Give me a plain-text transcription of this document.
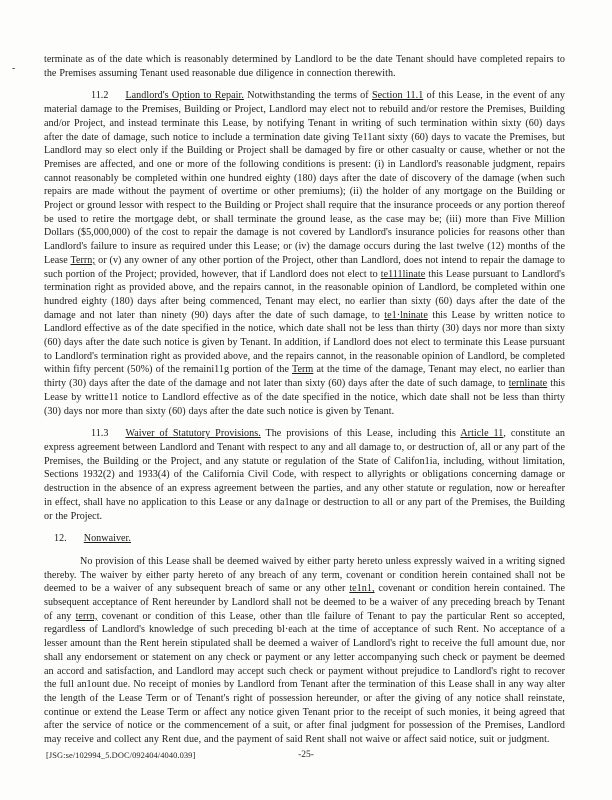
-

terminate as of the date which is reasonably determined by Landlord to be the date Tenant should have completed repairs to the Premises assuming Tenant used reasonable due diligence in connection therewith.

11.2 Landlord's Option to Repair. Notwithstanding the terms of Section 11.1 of this Lease, in the event of any material damage to the Premises, Building or Project, Landlord may elect not to rebuild and/or restore the Premises, Building and/or Project, and instead terminate this Lease, by notifying Tenant in writing of such termination within sixty (60) days after the date of damage, such notice to include a termination date giving Te11ant sixty (60) days to vacate the Premises, but Landlord may so elect only if the Building or Project shall be damaged by fire or other casualty or cause, whether or not the Premises are affected, and one or more of the following conditions is present: (i) in Landlord's reasonable judgment, repairs cannot reasonably be completed within one hundred eighty (180) days after the date of discovery of the damage (when such repairs are made without the payment of overtime or other premiums); (ii) the holder of any mortgage on the Building or Project or ground lessor with respect to the Building or Project shall require that the insurance proceeds or any portion thereof be used to retire the mortgage debt, or shall terminate the ground lease, as the case may be; (iii) more than Five Million Dollars ($5,000,000) of the cost to repair the damage is not covered by Landlord's insurance policies for reasons other than Landlord's failure to insure as required under this Lease; or (iv) the damage occurs during the last twelve (12) months of the Lease Terrn; or (v) any owner of any other portion of the Project, other than Landlord, does not intend to repair the damage to such portion of the Project; provided, however, that if Landlord does not elect to te111linate this Lease pursuant to Landlord's termination right as provided above, and the repairs cannot, in the reasonable opinion of Landlord, be completed within one hundred eighty (180) days after being commenced, Tenant may elect, no earlier than sixty (60) days after the date of the damage and not later than ninety (90) days after the date of such damage, to te1·lninate this Lease by written notice to Landlord effective as of the date specified in the notice, which date shall not be less than thirty (30) days nor more than sixty (60) days after the date such notice is given by Tenant. In addition, if Landlord does not elect to terminate this Lease pursuant to Landlord's termination right as provided above, and the repairs cannot, in the reasonable opinion of Landlord, be completed within fifty percent (50%) of the remaini11g portion of the Term at the time of the damage, Tenant may elect, no earlier than thirty (30) days after the date of the damage and not later than sixty (60) days after the date of such damage, to ternlinate this Lease by writte11 notice to Landlord effective as of the date specified in the notice, which date shall not be less than thirty (30) days nor more than sixty (60) days after the date such notice is given by Tenant.

11.3 Waiver of Statutory Provisions. The provisions of this Lease, including this Article 11, constitute an express agreement between Landlord and Tenant with respect to any and all damage to, or destruction of, all or any part of the Premises, the Building or the Project, and any statute or regulation of the State of Califon1ia, including, without limitation, Sections 1932(2) and 1933(4) of the California Civil Code, with respect to allyrights or obligations concerning damage or destruction in the absence of an express agreement between the parties, and any other statute or regulation, now or hereafter in effect, shall have no application to this Lease or any da1nage or destruction to all or any part of the Premises, the Building or the Project.

12. Nonwaiver.

No provision of this Lease shall be deemed waived by either party hereto unless expressly waived in a writing signed thereby. The waiver by either party hereto of any breach of any term, covenant or condition herein contained shall not be deemed to be a waiver of any subsequent breach of same or any other te1n1, covenant or condition herein contained. The subsequent acceptance of Rent hereunder by Landlord shall not be deemed to be a waiver of any preceding breach by Tenant of any terrn, covenant or condition of this Lease, other than tlle failure of Tenant to pay the particular Rent so accepted, regardless of Landlord's knowledge of such preceding bl·each at the time of acceptance of such Rent. No acceptance of a lesser amount than the Rent herein stipulated shall be deemed a waiver of Landlord's right to receive the full amount due, nor shall any endorsement or statement on any check or payment or any letter accompanying such check or payment be deemed an accord and satisfaction, and Landlord may accept such check or payment without prejudice to Landlord's right to recover the full an1ount due. No receipt of monies by Landlord from Tenant after the termination of this Lease shall in any way alter the length of the Lease Term or of Tenant's right of possession hereunder, or after the giving of any notice shall reinstate, continue or extend the Lease Term or affect any notice given Tenant prior to the receipt of such monies, it being agreed that after the service of notice or the commencement of a suit, or after final judgment for possession of the Premises, Landlord may receive and collect any Rent due, and the payment of said Rent shall not waive or affect said notice, suit or judgment.

[JSG:se/102994_5.DOC/092404/4040.039]	-25-
